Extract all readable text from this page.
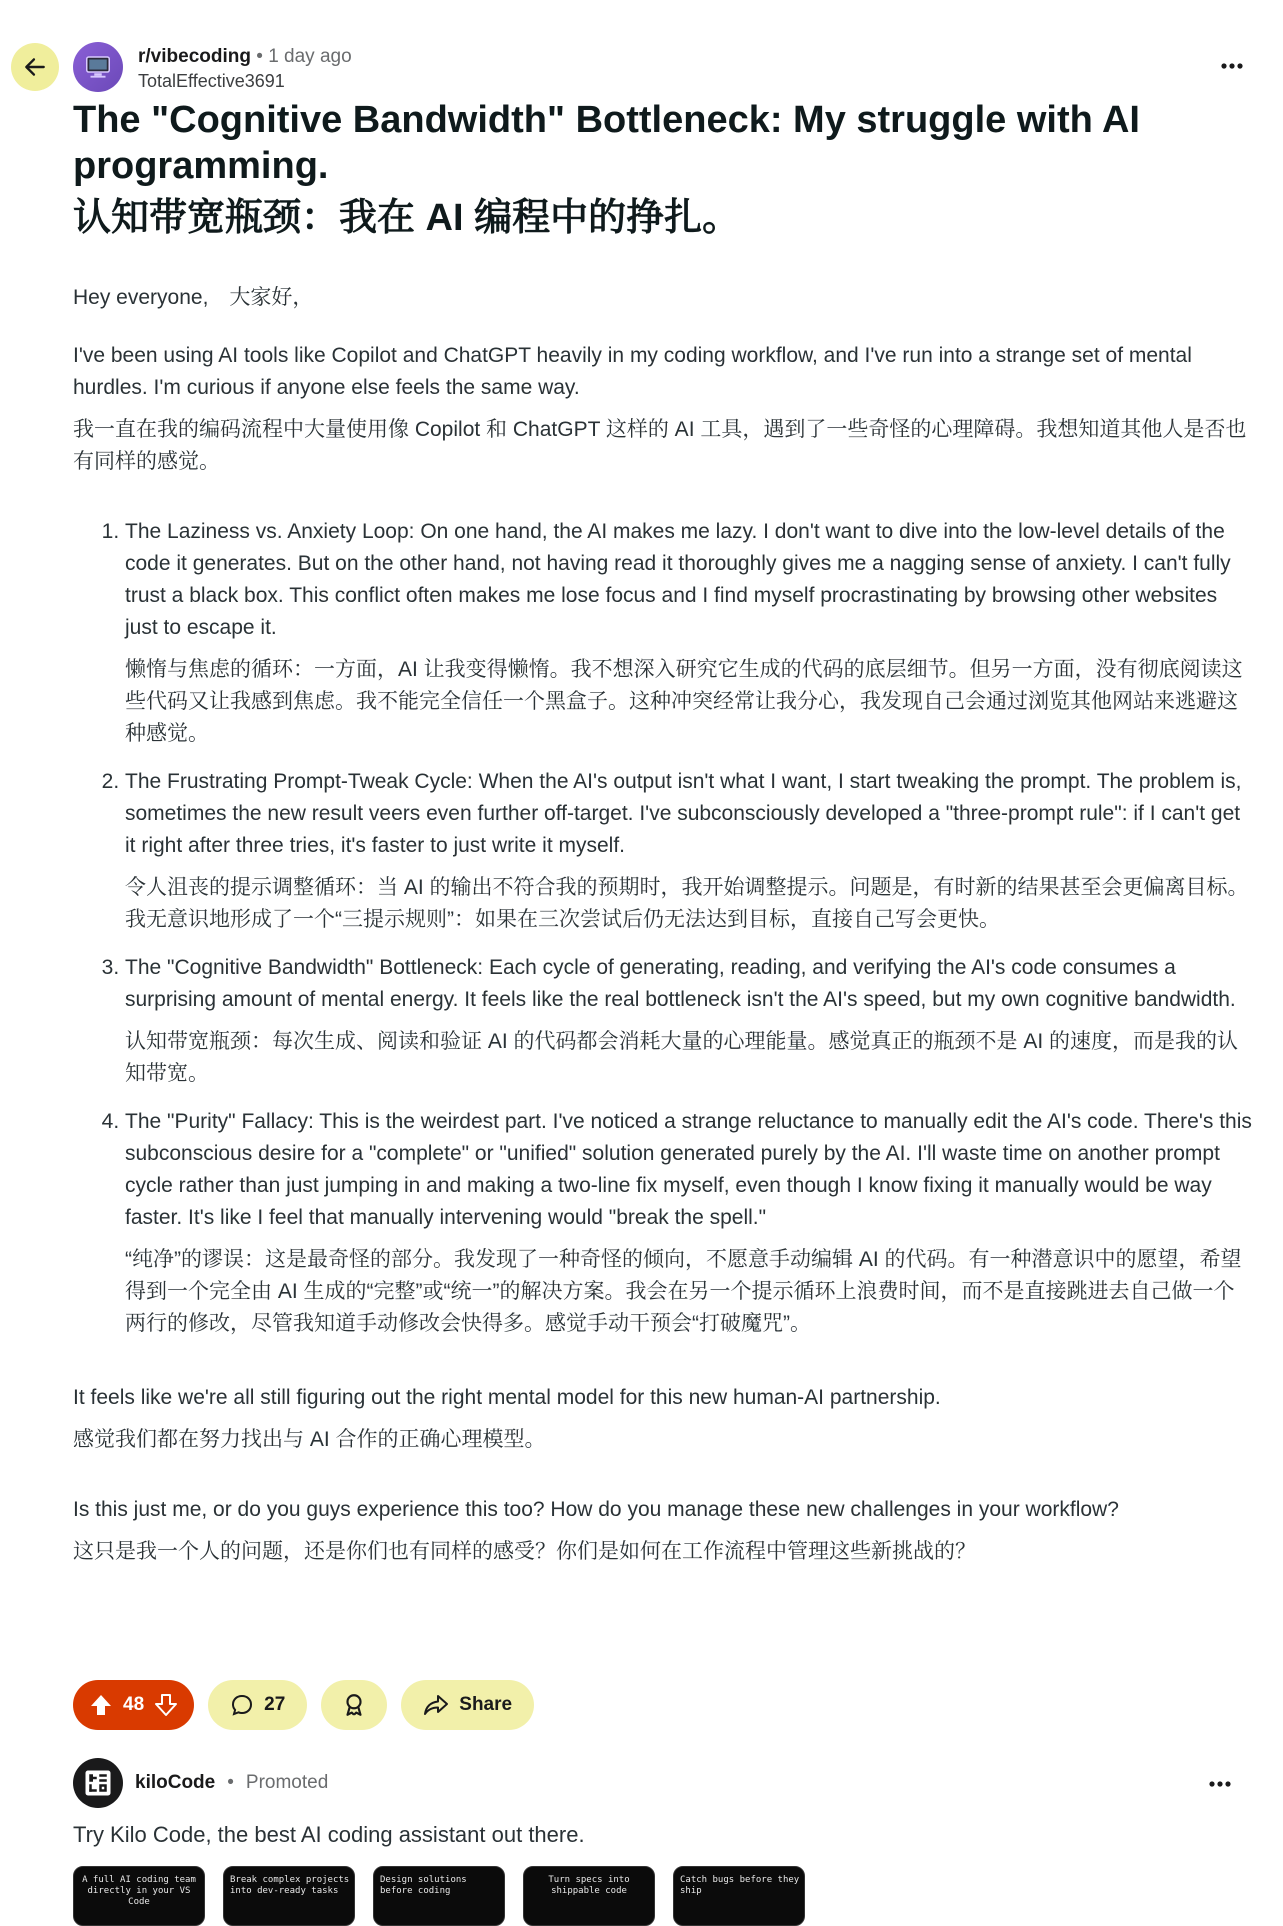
r/vibecoding • 1 day ago
TotalEffective3691
The "Cognitive Bandwidth" Bottleneck: My struggle with AI programming.
认知带宽瓶颈：我在 AI 编程中的挣扎。

Hey everyone,　大家好，

I've been using AI tools like Copilot and ChatGPT heavily in my coding workflow, and I've run into a strange set of mental hurdles. I'm curious if anyone else feels the same way.

我一直在我的编码流程中大量使用像 Copilot 和 ChatGPT 这样的 AI 工具，遇到了一些奇怪的心理障碍。我想知道其他人是否也有同样的感觉。

1. The Laziness vs. Anxiety Loop: On one hand, the AI makes me lazy. I don't want to dive into the low-level details of the code it generates. But on the other hand, not having read it thoroughly gives me a nagging sense of anxiety. I can't fully trust a black box. This conflict often makes me lose focus and I find myself procrastinating by browsing other websites just to escape it.
懒惰与焦虑的循环：一方面，AI 让我变得懒惰。我不想深入研究它生成的代码的底层细节。但另一方面，没有彻底阅读这些代码又让我感到焦虑。我不能完全信任一个黑盒子。这种冲突经常让我分心，我发现自己会通过浏览其他网站来逃避这种感觉。
2. The Frustrating Prompt-Tweak Cycle: When the AI's output isn't what I want, I start tweaking the prompt. The problem is, sometimes the new result veers even further off-target. I've subconsciously developed a "three-prompt rule": if I can't get it right after three tries, it's faster to just write it myself.
令人沮丧的提示调整循环：当 AI 的输出不符合我的预期时，我开始调整提示。问题是，有时新的结果甚至会更偏离目标。我无意识地形成了一个“三提示规则”：如果在三次尝试后仍无法达到目标，直接自己写会更快。
3. The "Cognitive Bandwidth" Bottleneck: Each cycle of generating, reading, and verifying the AI's code consumes a surprising amount of mental energy. It feels like the real bottleneck isn't the AI's speed, but my own cognitive bandwidth.
认知带宽瓶颈：每次生成、阅读和验证 AI 的代码都会消耗大量的心理能量。感觉真正的瓶颈不是 AI 的速度，而是我的认知带宽。
4. The "Purity" Fallacy: This is the weirdest part. I've noticed a strange reluctance to manually edit the AI's code. There's this subconscious desire for a "complete" or "unified" solution generated purely by the AI. I'll waste time on another prompt cycle rather than just jumping in and making a two-line fix myself, even though I know fixing it manually would be way faster. It's like I feel that manually intervening would "break the spell."
“纯净”的谬误：这是最奇怪的部分。我发现了一种奇怪的倾向，不愿意手动编辑 AI 的代码。有一种潜意识中的愿望，希望得到一个完全由 AI 生成的“完整”或“统一”的解决方案。我会在另一个提示循环上浪费时间，而不是直接跳进去自己做一个两行的修改，尽管我知道手动修改会快得多。感觉手动干预会“打破魔咒”。

It feels like we're all still figuring out the right mental model for this new human-AI partnership.

感觉我们都在努力找出与 AI 合作的正确心理模型。

Is this just me, or do you guys experience this too? How do you manage these new challenges in your workflow?

这只是我一个人的问题，还是你们也有同样的感受？你们是如何在工作流程中管理这些新挑战的？

48	27	Share
kiloCode • Promoted
Try Kilo Code, the best AI coding assistant out there.
A full AI coding team directly in your VS Code
Break complex projects into dev-ready tasks
Design solutions before coding
Turn specs into shippable code
Catch bugs before they ship
